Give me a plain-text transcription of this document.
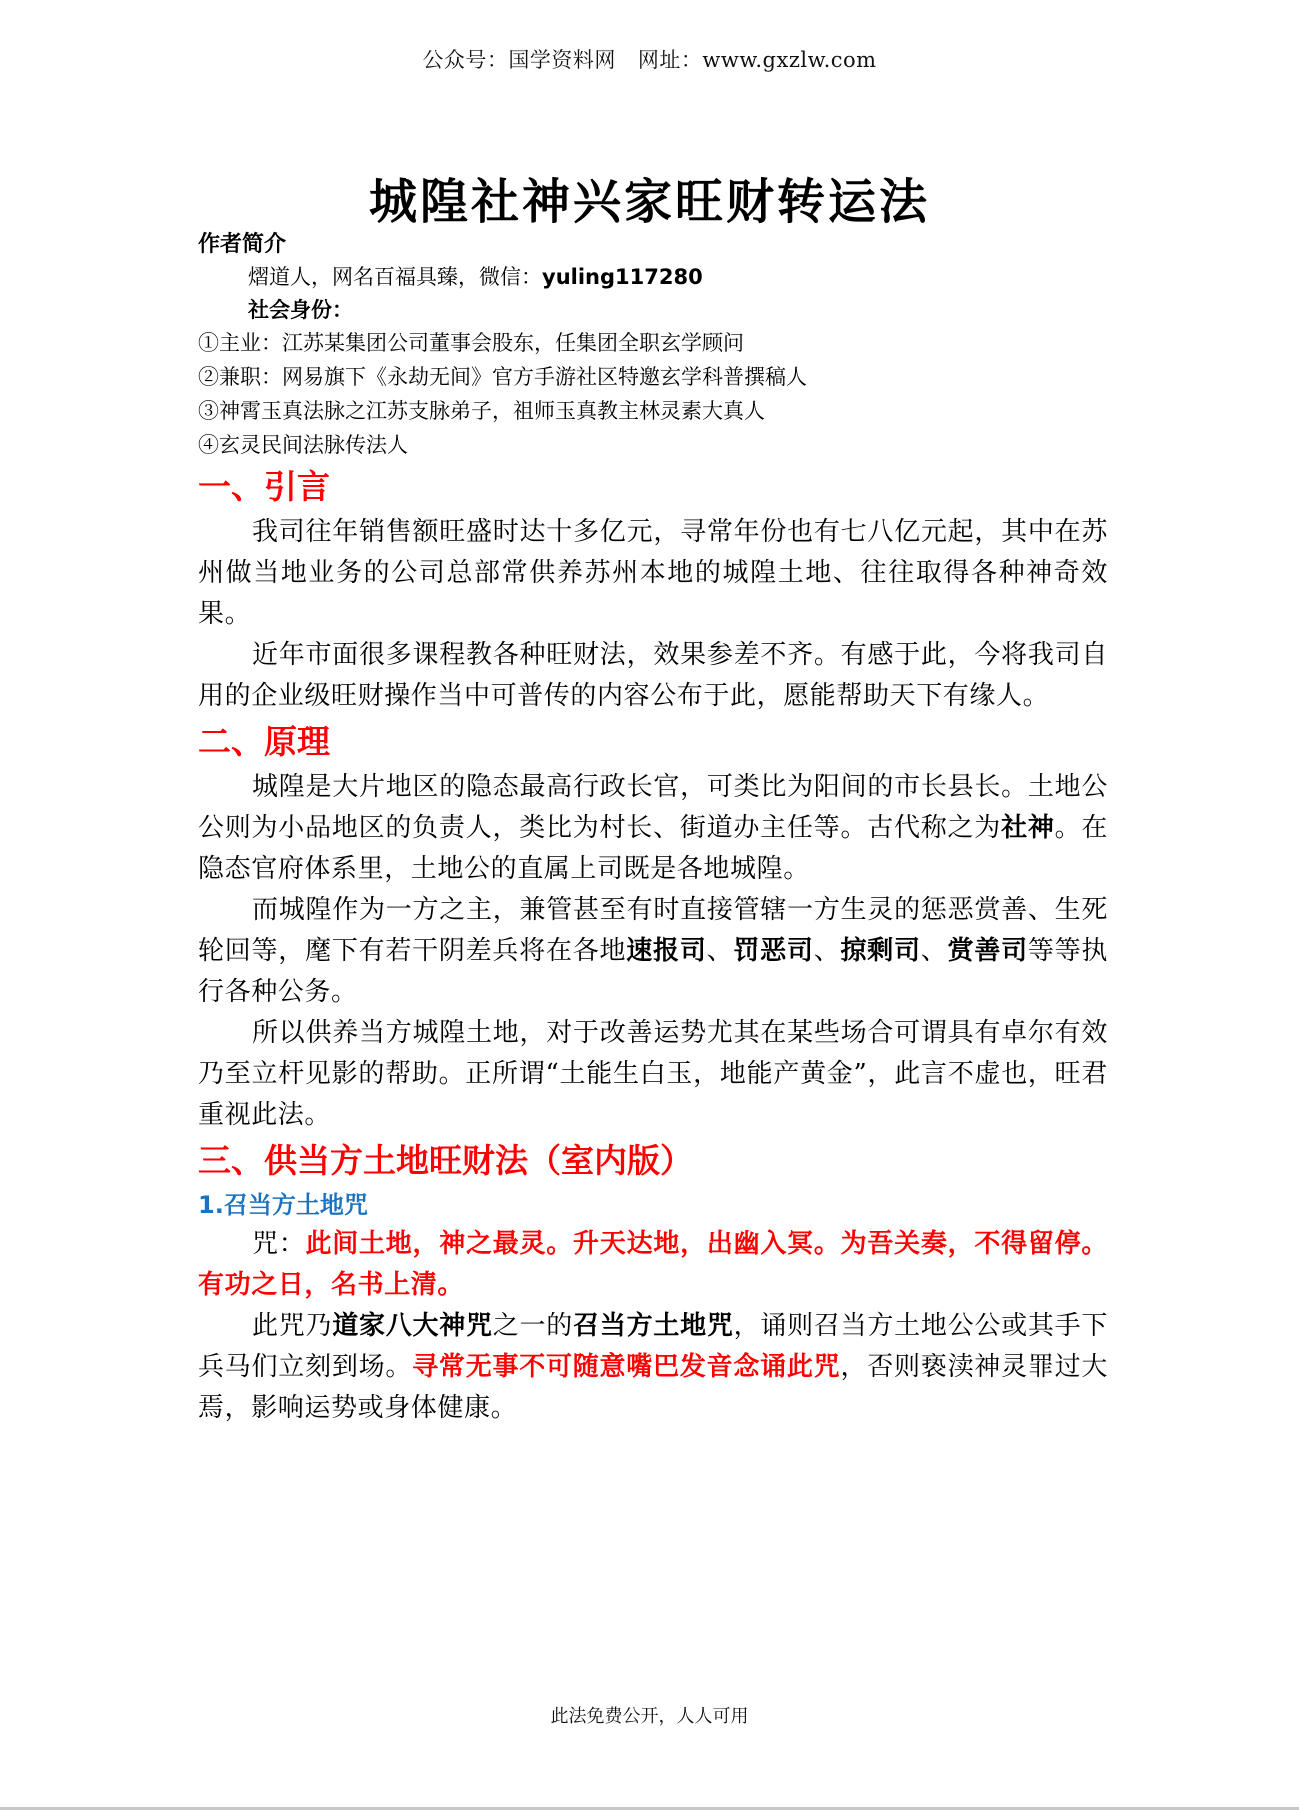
公众号：国学资料网 网址：www.gxzlw.com
城隍社神兴家旺财转运法
作者简介
熠道人，网名百福具臻，微信：yuling117280
社会身份：
①主业：江苏某集团公司董事会股东，任集团全职玄学顾问
②兼职：网易旗下《永劫无间》官方手游社区特邀玄学科普撰稿人
③神霄玉真法脉之江苏支脉弟子，祖师玉真教主林灵素大真人
④玄灵民间法脉传法人
一、引言

我司往年销售额旺盛时达十多亿元，寻常年份也有七八亿元起，其中在苏州做当地业务的公司总部常供养苏州本地的城隍土地、往往取得各种神奇效果。

近年市面很多课程教各种旺财法，效果参差不齐。有感于此，今将我司自用的企业级旺财操作当中可普传的内容公布于此，愿能帮助天下有缘人。

二、原理

城隍是大片地区的隐态最高行政长官，可类比为阳间的市长县长。土地公公则为小品地区的负责人，类比为村长、街道办主任等。古代称之为社神。在隐态官府体系里，土地公的直属上司既是各地城隍。

而城隍作为一方之主，兼管甚至有时直接管辖一方生灵的惩恶赏善、生死轮回等，麾下有若干阴差兵将在各地速报司、罚恶司、掠剩司、赏善司等等执行各种公务。

所以供养当方城隍土地，对于改善运势尤其在某些场合可谓具有卓尔有效乃至立杆见影的帮助。正所谓“土能生白玉，地能产黄金”，此言不虚也，旺君重视此法。

三、供当方土地旺财法（室内版）
1.召当方土地咒

咒：此间土地，神之最灵。升天达地，出幽入冥。为吾关奏，不得留停。有功之日，名书上清。

此咒乃道家八大神咒之一的召当方土地咒，诵则召当方土地公公或其手下兵马们立刻到场。寻常无事不可随意嘴巴发音念诵此咒，否则亵渎神灵罪过大焉，影响运势或身体健康。

此法免费公开，人人可用
